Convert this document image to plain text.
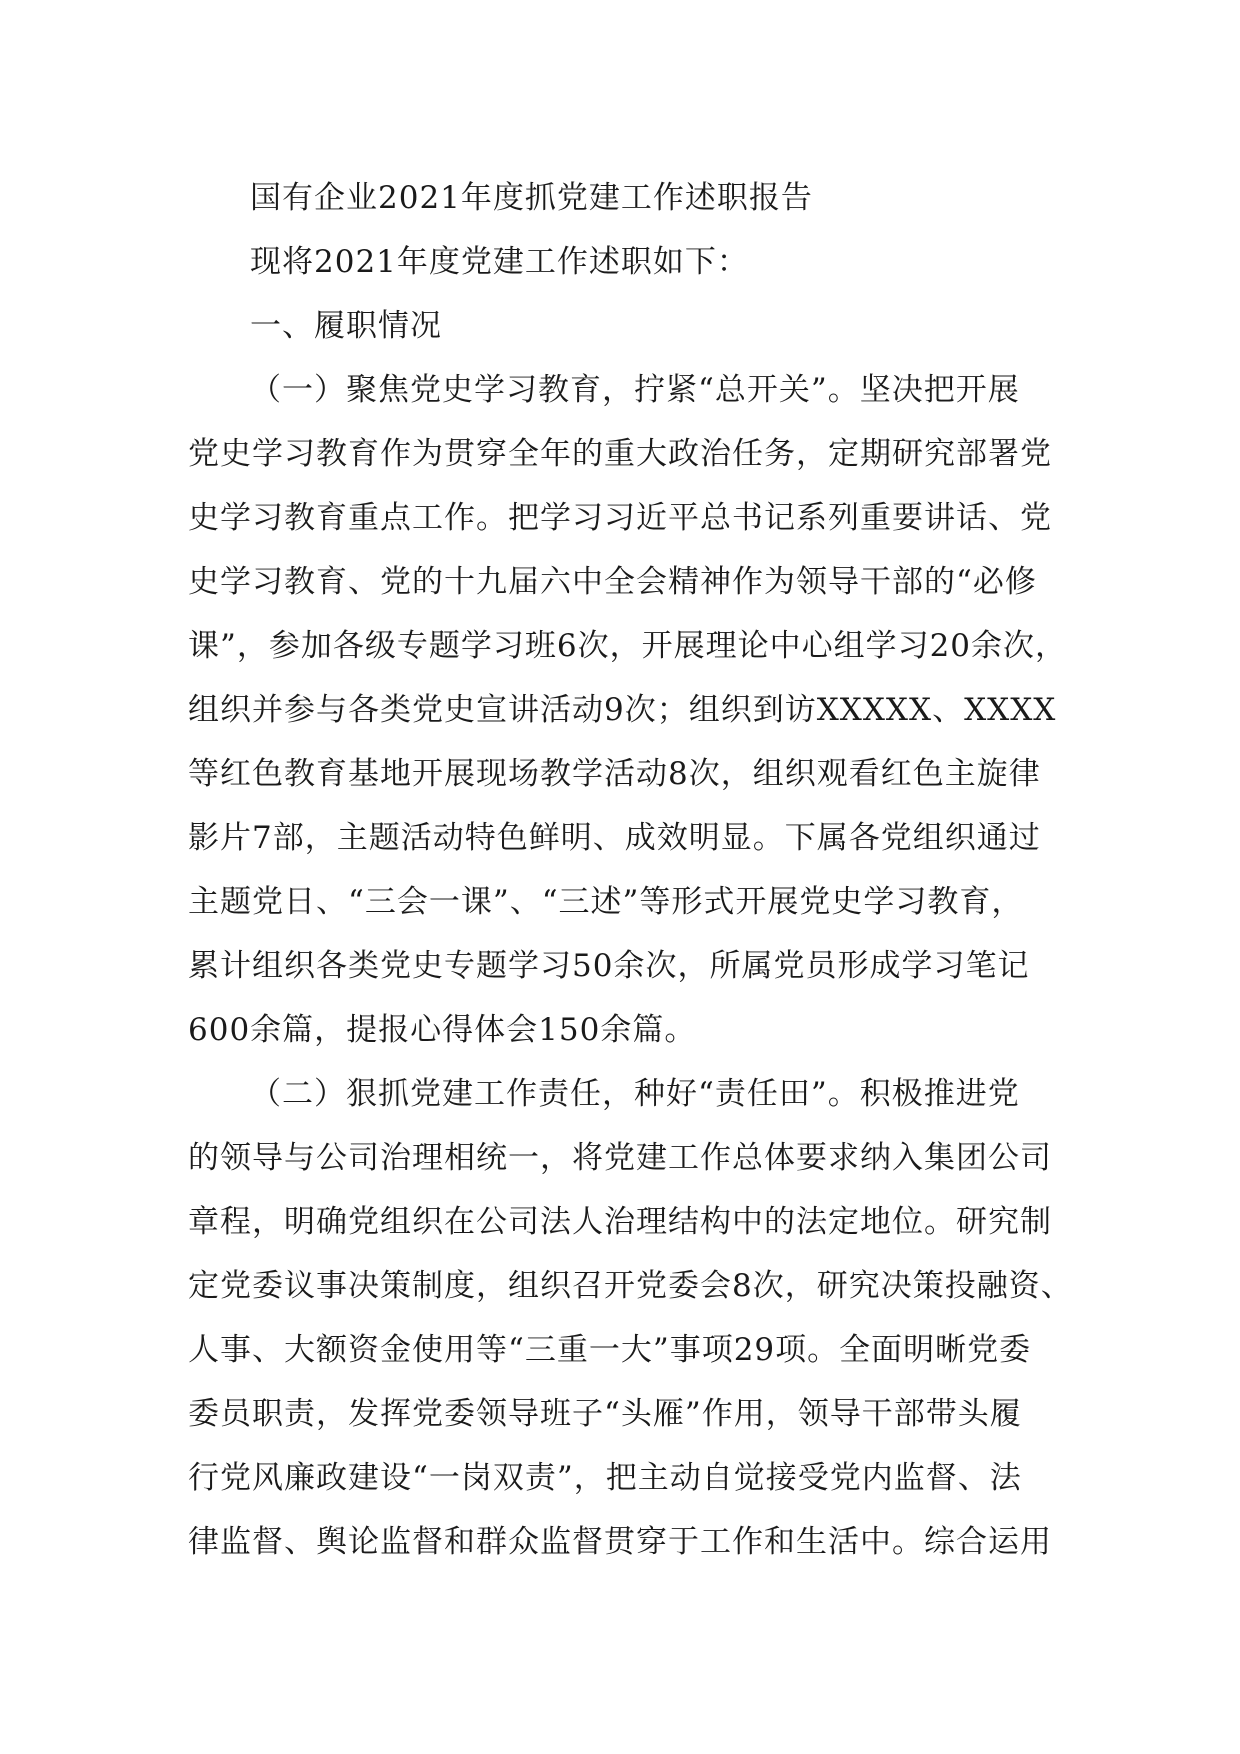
国有企业2021年度抓党建工作述职报告
现将2021年度党建工作述职如下：
一、履职情况
（一）聚焦党史学习教育，拧紧“总开关”。坚决把开展
党史学习教育作为贯穿全年的重大政治任务，定期研究部署党
史学习教育重点工作。把学习习近平总书记系列重要讲话、党
史学习教育、党的十九届六中全会精神作为领导干部的“必修
课”，参加各级专题学习班6次，开展理论中心组学习20余次，
组织并参与各类党史宣讲活动9次；组织到访XXXXX、XXXX
等红色教育基地开展现场教学活动8次，组织观看红色主旋律
影片7部，主题活动特色鲜明、成效明显。下属各党组织通过
主题党日、“三会一课”、“三述”等形式开展党史学习教育，
累计组织各类党史专题学习50余次，所属党员形成学习笔记
600余篇，提报心得体会150余篇。
（二）狠抓党建工作责任，种好“责任田”。积极推进党
的领导与公司治理相统一，将党建工作总体要求纳入集团公司
章程，明确党组织在公司法人治理结构中的法定地位。研究制
定党委议事决策制度，组织召开党委会8次，研究决策投融资、
人事、大额资金使用等“三重一大”事项29项。全面明晰党委
委员职责，发挥党委领导班子“头雁”作用，领导干部带头履
行党风廉政建设“一岗双责”，把主动自觉接受党内监督、法
律监督、舆论监督和群众监督贯穿于工作和生活中。综合运用
